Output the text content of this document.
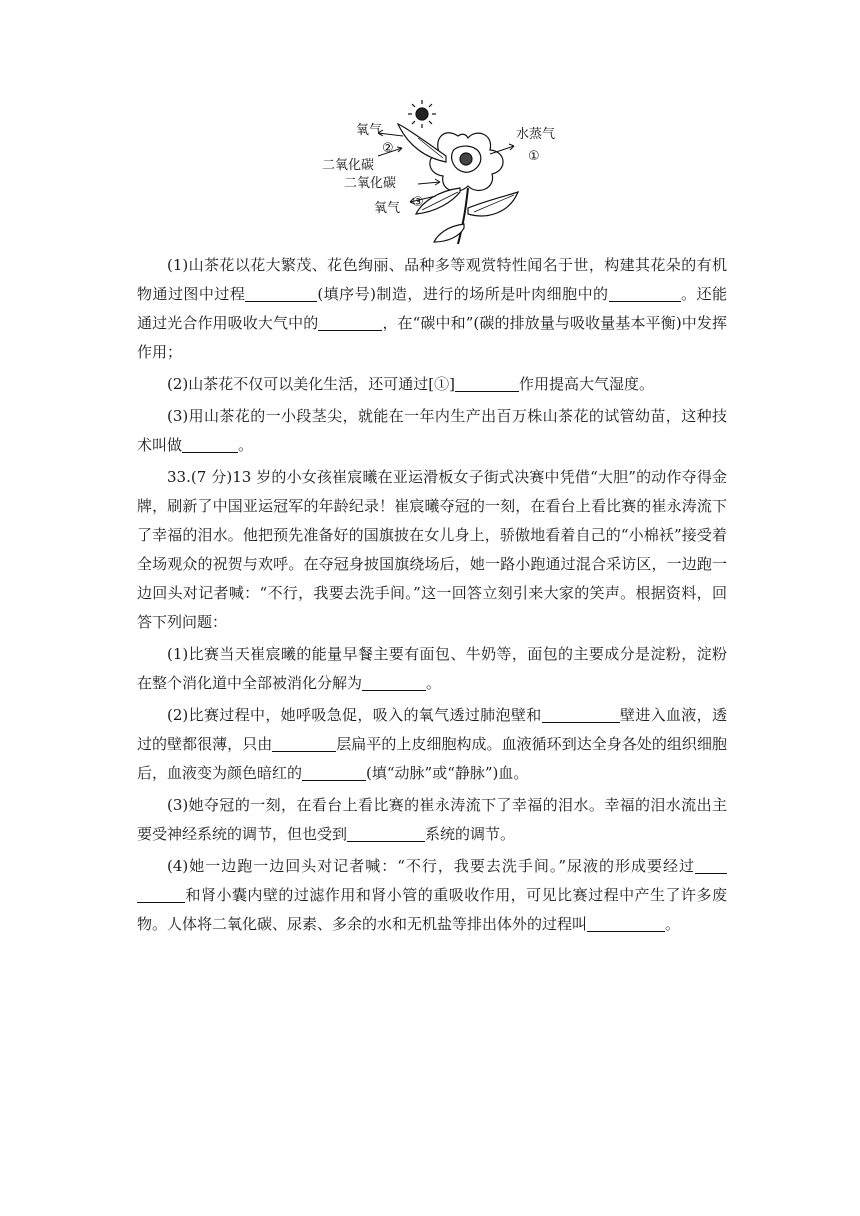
氧气
②
二氧化碳
二氧化碳
③
氧气
水蒸气
①

(1)山茶花以花大繁茂、花色绚丽、品种多等观赏特性闻名于世，构建其花朵的有机物通过图中过程	(填序号)制造，进行的场所是叶肉细胞中的	。还能通过光合作用吸收大气中的	，在“碳中和”(碳的排放量与吸收量基本平衡)中发挥作用；

(2)山茶花不仅可以美化生活，还可通过[①]	作用提高大气湿度。

(3)用山茶花的一小段茎尖，就能在一年内生产出百万株山茶花的试管幼苗，这种技术叫做	。

33.(7 分)13 岁的小女孩崔宸曦在亚运滑板女子街式决赛中凭借“大胆”的动作夺得金牌，刷新了中国亚运冠军的年龄纪录！崔宸曦夺冠的一刻，在看台上看比赛的崔永涛流下了幸福的泪水。他把预先准备好的国旗披在女儿身上，骄傲地看着自己的“小棉袄”接受着全场观众的祝贺与欢呼。在夺冠身披国旗绕场后，她一路小跑通过混合采访区，一边跑一边回头对记者喊：“不行，我要去洗手间。”这一回答立刻引来大家的笑声。根据资料，回答下列问题：

(1)比赛当天崔宸曦的能量早餐主要有面包、牛奶等，面包的主要成分是淀粉，淀粉在整个消化道中全部被消化分解为	。

(2)比赛过程中，她呼吸急促，吸入的氧气透过肺泡壁和	壁进入血液，透过的壁都很薄，只由	层扁平的上皮细胞构成。血液循环到达全身各处的组织细胞后，血液变为颜色暗红的	(填“动脉”或“静脉”)血。

(3)她夺冠的一刻，在看台上看比赛的崔永涛流下了幸福的泪水。幸福的泪水流出主要受神经系统的调节，但也受到	系统的调节。

(4)她一边跑一边回头对记者喊：“不行，我要去洗手间。”尿液的形成要经过和肾小囊内壁的过滤作用和肾小管的重吸收作用，可见比赛过程中产生了许多废物。人体将二氧化碳、尿素、多余的水和无机盐等排出体外的过程叫	。
